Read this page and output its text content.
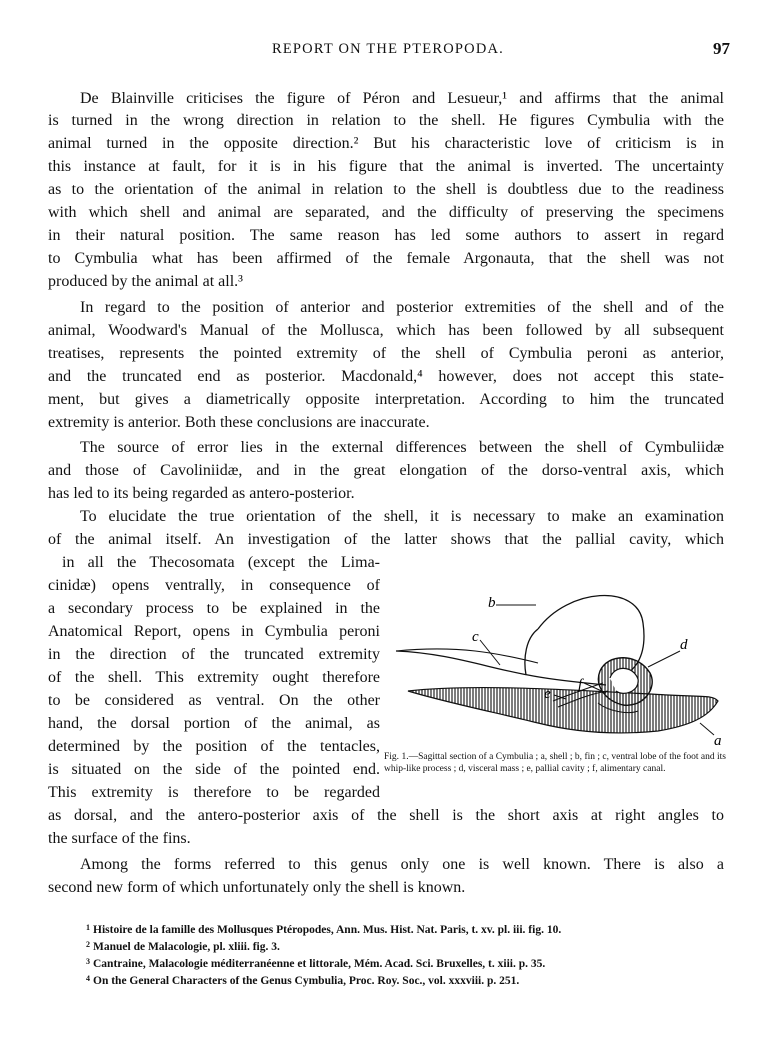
REPORT ON THE PTEROPODA.	97
De Blainville criticises the figure of Péron and Lesueur,¹ and affirms that the animal
is turned in the wrong direction in relation to the shell. He figures Cymbulia with the
animal turned in the opposite direction.² But his characteristic love of criticism is in
this instance at fault, for it is in his figure that the animal is inverted. The uncertainty
as to the orientation of the animal in relation to the shell is doubtless due to the readiness
with which shell and animal are separated, and the difficulty of preserving the specimens
in their natural position. The same reason has led some authors to assert in regard
to Cymbulia what has been affirmed of the female Argonauta, that the shell was not
produced by the animal at all.³
In regard to the position of anterior and posterior extremities of the shell and of the
animal, Woodward's Manual of the Mollusca, which has been followed by all subsequent
treatises, represents the pointed extremity of the shell of Cymbulia peroni as anterior,
and the truncated end as posterior. Macdonald,⁴ however, does not accept this state-
ment, but gives a diametrically opposite interpretation. According to him the truncated
extremity is anterior. Both these conclusions are inaccurate.
The source of error lies in the external differences between the shell of Cymbuliidæ
and those of Cavoliniidæ, and in the great elongation of the dorso-ventral axis, which
has led to its being regarded as antero-posterior.
To elucidate the true orientation of the shell, it is necessary to make an examination
of the animal itself. An investigation of the latter shows that the pallial cavity, which
in all the Thecosomata (except the Lima-
cinidæ) opens ventrally, in consequence of
a secondary process to be explained in the
Anatomical Report, opens in Cymbulia peroni
in the direction of the truncated extremity
of the shell. This extremity ought therefore
to be considered as ventral. On the other
hand, the dorsal portion of the animal, as
determined by the position of the tentacles,
is situated on the side of the pointed end.
This extremity is therefore to be regarded
as dorsal, and the antero-posterior axis of the shell is the short axis at right angles to
the surface of the fins.
Among the forms referred to this genus only one is well known. There is also a
second new form of which unfortunately only the shell is known.
b
c	d
e
f
a
Fig. 1.—Sagittal section of a Cymbulia ; a, shell ; b, fin ; c, ventral lobe of the foot and its whip-like process ; d, visceral mass ; e, pallial cavity ; f, alimentary canal.
$^1$ Histoire de la famille des Mollusques Ptéropodes, Ann. Mus. Hist. Nat. Paris, t. xv. pl. iii. fig. 10.
$^2$ Manuel de Malacologie, pl. xliii. fig. 3.
$^3$ Cantraine, Malacologie méditerranéenne et littorale, Mém. Acad. Sci. Bruxelles, t. xiii. p. 35.
$^4$ On the General Characters of the Genus Cymbulia, Proc. Roy. Soc., vol. xxxviii. p. 251.
